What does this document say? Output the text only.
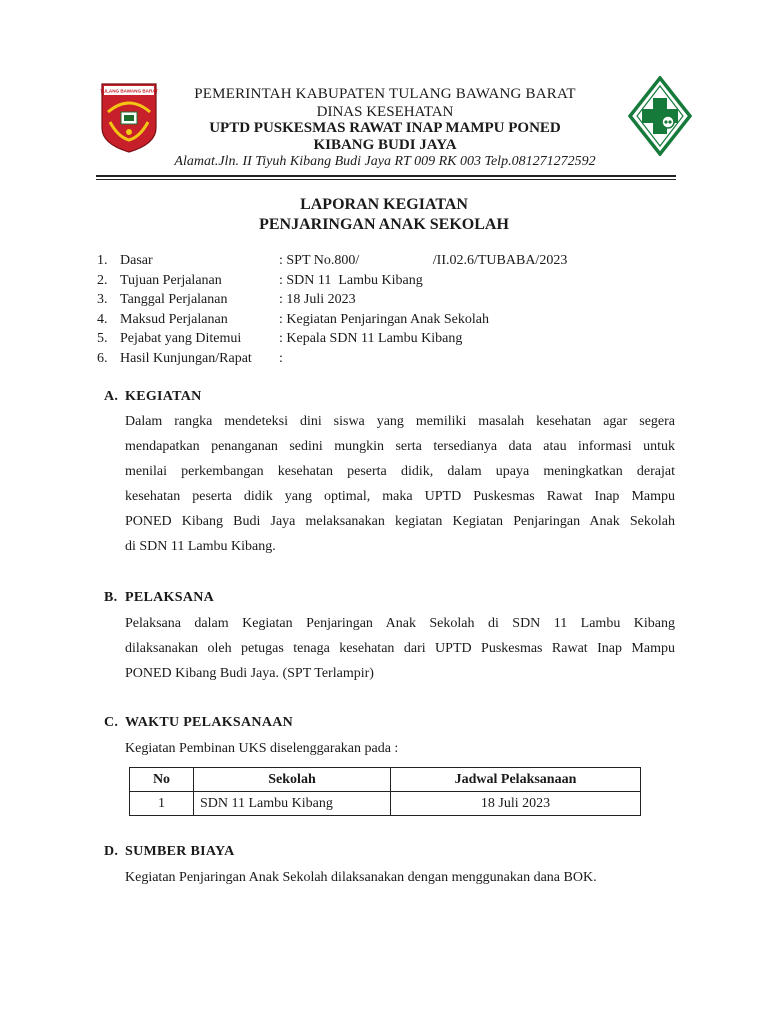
TULANG BAWANG BARAT	PEMERINTAH KABUPATEN TULANG BAWANG BARAT
DINAS KESEHATAN
UPTD PUSKESMAS RAWAT INAP MAMPU PONED
KIBANG BUDI JAYA
Alamat.Jln. II Tiyuh Kibang Budi Jaya RT 009 RK 003 Telp.081271272592
LAPORAN KEGIATAN
PENJARINGAN ANAK SEKOLAH
1. Dasar	: SPT No.800/                     /II.02.6/TUBABA/2023
2. Tujuan Perjalanan	: SDN 11  Lambu Kibang
3. Tanggal Perjalanan	: 18 Juli 2023
4. Maksud Perjalanan	: Kegiatan Penjaringan Anak Sekolah
5. Pejabat yang Ditemui	: Kepala SDN 11 Lambu Kibang
6. Hasil Kunjungan/Rapat :
A. KEGIATAN
Dalam rangka mendeteksi dini siswa yang memiliki masalah kesehatan agar segera
mendapatkan penanganan sedini mungkin serta tersedianya data atau informasi untuk
menilai perkembangan kesehatan peserta didik, dalam upaya meningkatkan derajat
kesehatan peserta didik yang optimal, maka UPTD Puskesmas Rawat Inap Mampu
PONED Kibang Budi Jaya melaksanakan kegiatan Kegiatan Penjaringan Anak Sekolah
di SDN 11 Lambu Kibang.
B. PELAKSANA
Pelaksana dalam Kegiatan Penjaringan Anak Sekolah di SDN 11 Lambu Kibang
dilaksanakan oleh petugas tenaga kesehatan dari UPTD Puskesmas Rawat Inap Mampu
PONED Kibang Budi Jaya. (SPT Terlampir)
C. WAKTU PELAKSANAAN
Kegiatan Pembinan UKS diselenggarakan pada :
No	Sekolah	Jadwal Pelaksanaan
1	SDN 11 Lambu Kibang	18 Juli 2023
D. SUMBER BIAYA
Kegiatan Penjaringan Anak Sekolah dilaksanakan dengan menggunakan dana BOK.
